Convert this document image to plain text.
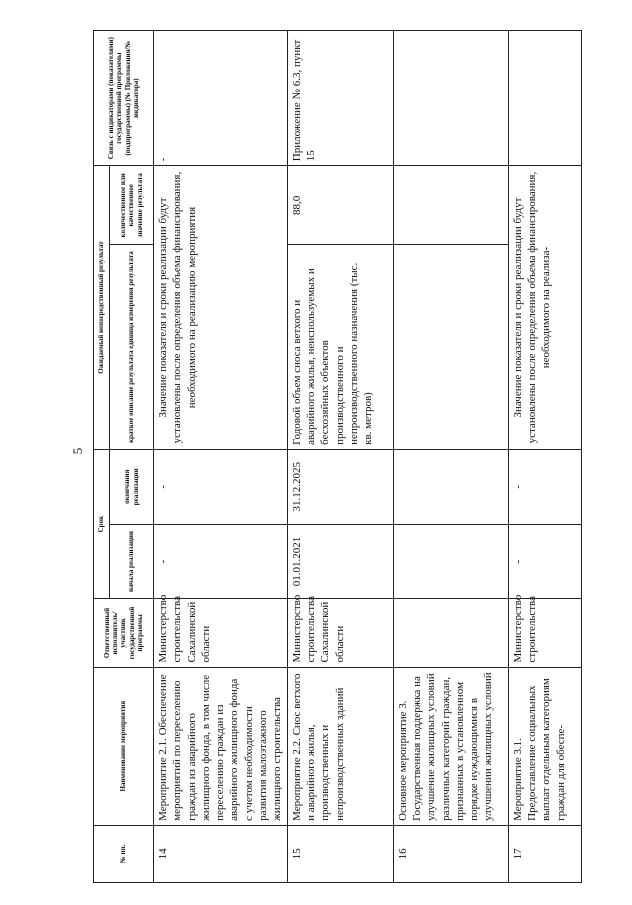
5
№ пп.	Наименование мероприятия	Ответственный исполнитель/участник государственной программы	Срок		Ожидаемый непосредственный результат		Связь с индикаторами (показателями) государственной программы (подпрограммы) (№ Приложения/№ индикатора)
			начала реализации	окончания реализации	краткое описание результата единица измерения результата	количественное или качественное значение результата	
14	Мероприятие 2.1. Обеспечение мероприятий по переселению граждан из аварийного жилищного фонда, в том числе переселению граждан из аварийного жилищного фонда с учетом необходимости развития малоэтажного жилищного строительства	Министерство строительства Сахалинской области	-	-	Значение показателя и сроки реализации будут установлены после определения объема финансирования, необходимого на реализацию мероприятия		-
15	Мероприятие 2.2. Снос ветхого и аварийного жилья, производственных и непроизводственных зданий	Министерство строительства Сахалинской области	01.01.2021	31.12.2025	Годовой объем сноса ветхого и аварийного жилья, неиспользуемых и бесхозяйных объектов производственного и непроизводственного назначения (тыс. кв. метров)	88,0	Приложение № 6.3, пункт 15
16	Основное мероприятие 3. Государственная поддержка на улучшение жилищных условий различных категорий граждан, признанных в установленном порядке нуждающимися в улучшении жилищных условий						
17	Мероприятие 3.1. Предоставление социальных выплат отдельным категориям граждан для обеспе-	Министерство строительства	-	-	Значение показателя и сроки реализации будут установлены после определения объема финансирования, необходимого на реализа-		
